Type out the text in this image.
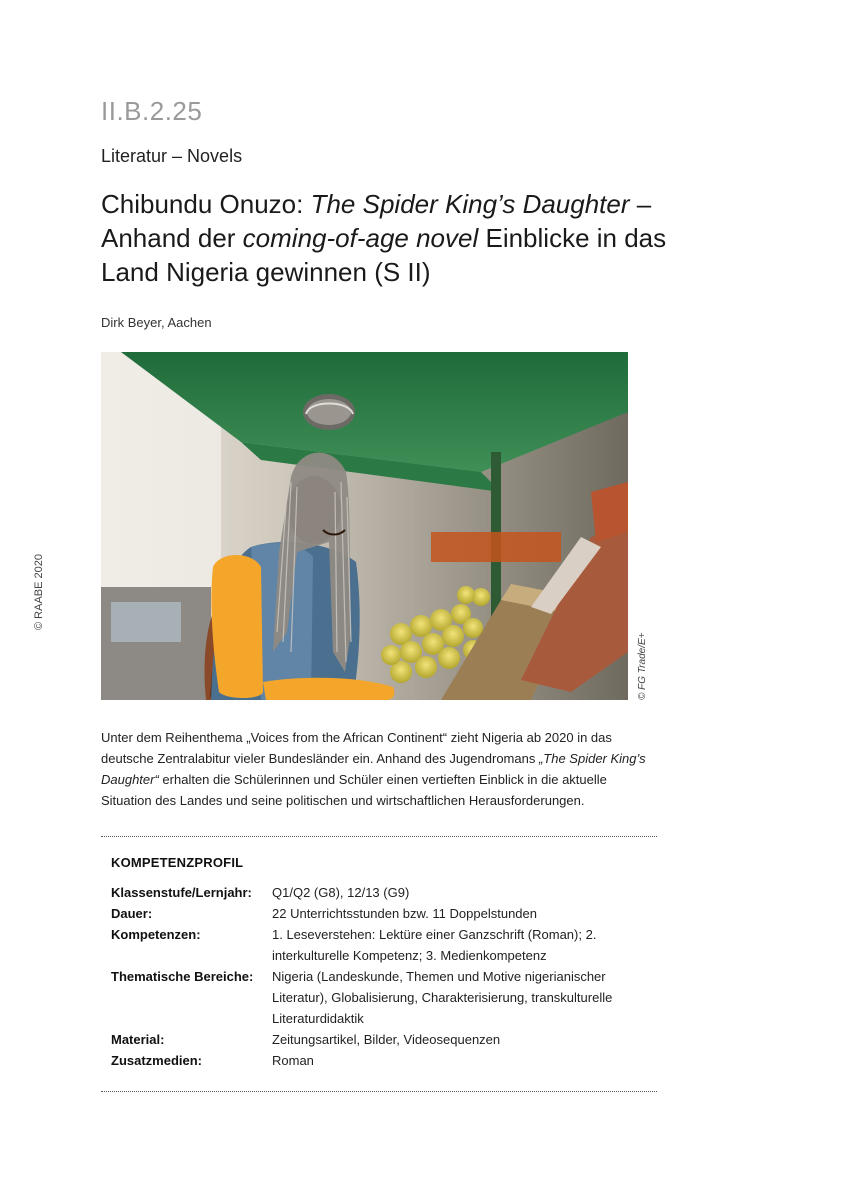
II.B.2.25
Literatur – Novels
Chibundu Onuzo: The Spider King’s Daughter – Anhand der coming-of-age novel Einblicke in das Land Nigeria gewinnen (S II)
Dirk Beyer, Aachen
© RAABE 2020
© FG Trade/E+
Unter dem Reihenthema „Voices from the African Continent“ zieht Nigeria ab 2020 in das deutsche Zentralabitur vieler Bundesländer ein. Anhand des Jugendromans „The Spider King’s Daughter“ erhalten die Schülerinnen und Schüler einen vertieften Einblick in die aktuelle Situation des Landes und seine politischen und wirtschaftlichen Herausforderungen.
KOMPETENZPROFIL
Klassenstufe/Lernjahr:	Q1/Q2 (G8), 12/13 (G9)
Dauer:	22 Unterrichtsstunden bzw. 11 Doppelstunden
Kompetenzen:	1. Leseverstehen: Lektüre einer Ganzschrift (Roman); 2. interkulturelle Kompetenz; 3. Medienkompetenz
Thematische Bereiche:	Nigeria (Landeskunde, Themen und Motive nigerianischer Literatur), Globalisierung, Charakterisierung, transkulturelle Literaturdidaktik
Material:	Zeitungsartikel, Bilder, Videosequenzen
Zusatzmedien:	Roman
